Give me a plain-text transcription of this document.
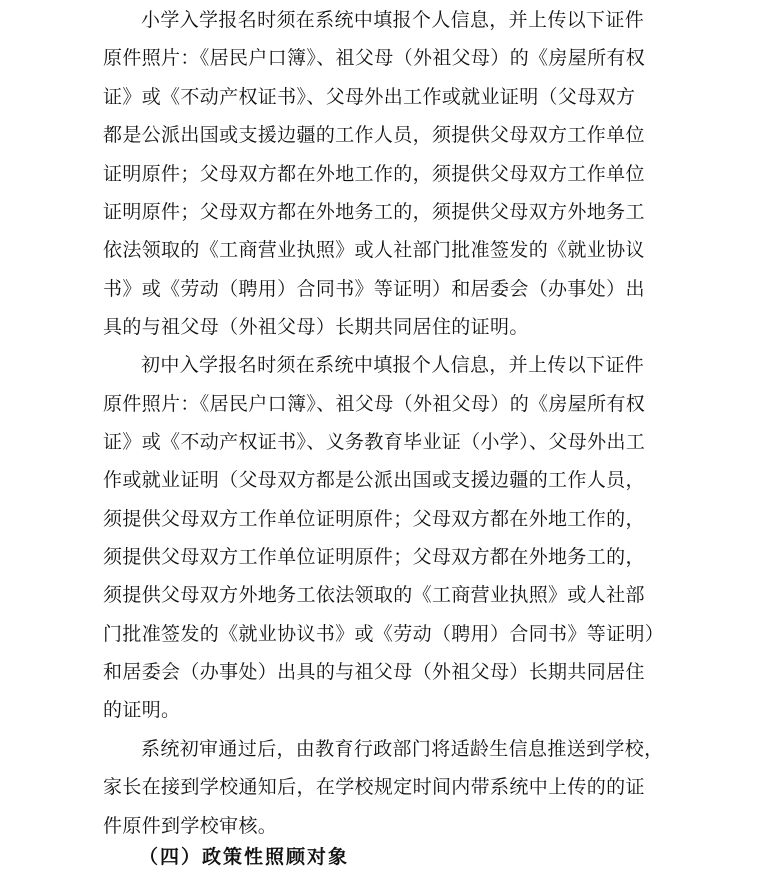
小学入学报名时须在系统中填报个人信息，并上传以下证件
原件照片：《居民户口簿》、祖父母（外祖父母）的《房屋所有权
证》或《不动产权证书》、父母外出工作或就业证明（父母双方
都是公派出国或支援边疆的工作人员，须提供父母双方工作单位
证明原件；父母双方都在外地工作的，须提供父母双方工作单位
证明原件；父母双方都在外地务工的，须提供父母双方外地务工
依法领取的《工商营业执照》或人社部门批准签发的《就业协议
书》或《劳动（聘用）合同书》等证明）和居委会（办事处）出
具的与祖父母（外祖父母）长期共同居住的证明。
初中入学报名时须在系统中填报个人信息，并上传以下证件
原件照片：《居民户口簿》、祖父母（外祖父母）的《房屋所有权
证》或《不动产权证书》、义务教育毕业证（小学）、父母外出工
作或就业证明（父母双方都是公派出国或支援边疆的工作人员，
须提供父母双方工作单位证明原件；父母双方都在外地工作的，
须提供父母双方工作单位证明原件；父母双方都在外地务工的，
须提供父母双方外地务工依法领取的《工商营业执照》或人社部
门批准签发的《就业协议书》或《劳动（聘用）合同书》等证明）
和居委会（办事处）出具的与祖父母（外祖父母）长期共同居住
的证明。
系统初审通过后，由教育行政部门将适龄生信息推送到学校，
家长在接到学校通知后，在学校规定时间内带系统中上传的的证
件原件到学校审核。
（四）政策性照顾对象
